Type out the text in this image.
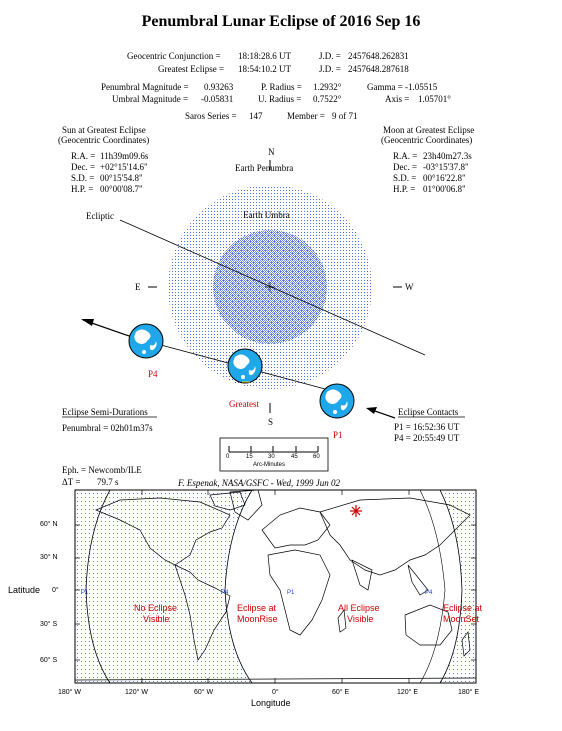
Penumbral Lunar Eclipse of 2016 Sep 16
Geocentric Conjunction = 18:18:28.6 UT	J.D. = 2457648.262831
Greatest Eclipse = 18:54:10.2 UT	J.D. = 2457648.287618
Penumbral Magnitude = 0.93263	P. Radius = 1.2932°	Gamma = -1.05515
Umbral Magnitude = -0.05831	U. Radius = 0.7522°	Axis = 1.05701°
Saros Series = 147	Member = 9 of 71
Sun at Greatest Eclipse
(Geocentric Coordinates)
R.A. = 11h39m09.6s
Dec. = +02°15'14.6"
S.D. = 00°15'54.8"
H.P. = 00°00'08.7"
Moon at Greatest Eclipse
(Geocentric Coordinates)
R.A. = 23h40m27.3s
Dec. = -03°15'37.8"
S.D. = 00°16'22.8"
H.P. = 01°00'06.8"
N
Earth Penumbra
Earth Umbra
Ecliptic
E	W
S
P4
Greatest
P1
Eclipse Semi-Durations
Penumbral = 02h01m37s
Eclipse Contacts
P1 = 16:52:36 UT
P4 = 20:55:49 UT
0	15	30	45	60
Arc-Minutes
Eph. = Newcomb/ILE
ΔT = 79.7 s	F. Espenak, NASA/GSFC - Wed, 1999 Jun 02
60° N
30° N
0°
30° S
60° S
Latitude
180° W	120° W	60° W	0°	60° E	120° E	180° E
Longitude
No Eclipse
Visible
Eclipse at
MoonRise
All Eclipse
Visible
Eclipse at
MoonSet
P1	P4	P1	P4
